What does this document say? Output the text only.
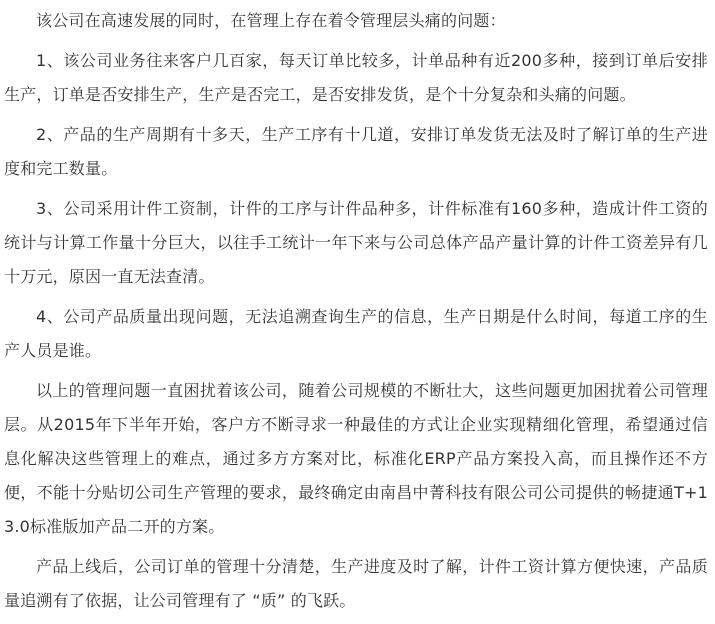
该公司在高速发展的同时，在管理上存在着令管理层头痛的问题：

1、该公司业务往来客户几百家，每天订单比较多，计单品种有近200多种，接到订单后安排生产，订单是否安排生产，生产是否完工，是否安排发货，是个十分复杂和头痛的问题。

2、产品的生产周期有十多天，生产工序有十几道，安排订单发货无法及时了解订单的生产进度和完工数量。

3、公司采用计件工资制，计件的工序与计件品种多，计件标准有160多种，造成计件工资的统计与计算工作量十分巨大，以往手工统计一年下来与公司总体产品产量计算的计件工资差异有几十万元，原因一直无法查清。

4、公司产品质量出现问题，无法追溯查询生产的信息，生产日期是什么时间，每道工序的生产人员是谁。

以上的管理问题一直困扰着该公司，随着公司规模的不断壮大，这些问题更加困扰着公司管理层。从2015年下半年开始，客户方不断寻求一种最佳的方式让企业实现精细化管理，希望通过信息化解决这些管理上的难点，通过多方方案对比，标准化ERP产品方案投入高，而且操作还不方便，不能十分贴切公司生产管理的要求，最终确定由南昌中菁科技有限公司公司提供的畅捷通T+13.0标准版加产品二开的方案。

产品上线后，公司订单的管理十分清楚，生产进度及时了解，计件工资计算方便快速，产品质量追溯有了依据，让公司管理有了 “质” 的飞跃。
